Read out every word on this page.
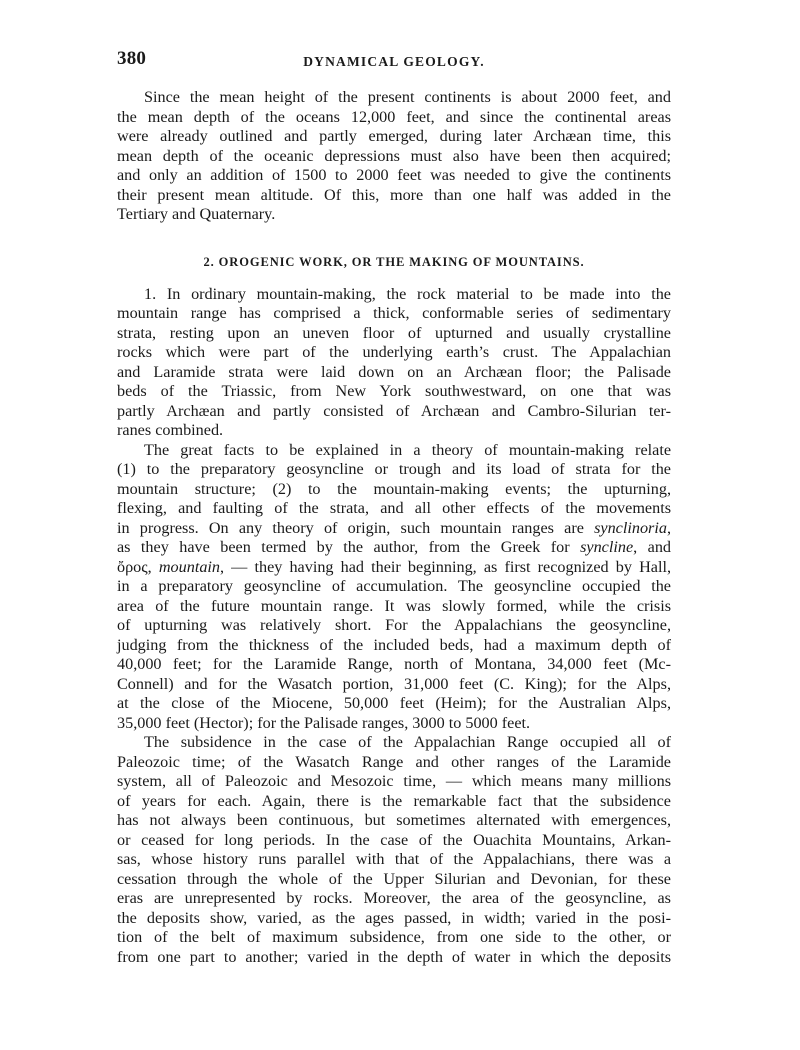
380	DYNAMICAL GEOLOGY.
Since the mean height of the present continents is about 2000 feet, and
the mean depth of the oceans 12,000 feet, and since the continental areas
were already outlined and partly emerged, during later Archæan time, this
mean depth of the oceanic depressions must also have been then acquired;
and only an addition of 1500 to 2000 feet was needed to give the continents
their present mean altitude. Of this, more than one half was added in the
Tertiary and Quaternary.
2. OROGENIC WORK, OR THE MAKING OF MOUNTAINS.
1. In ordinary mountain-making, the rock material to be made into the
mountain range has comprised a thick, conformable series of sedimentary
strata, resting upon an uneven floor of upturned and usually crystalline
rocks which were part of the underlying earth’s crust. The Appalachian
and Laramide strata were laid down on an Archæan floor; the Palisade
beds of the Triassic, from New York southwestward, on one that was
partly Archæan and partly consisted of Archæan and Cambro-Silurian ter-
ranes combined.
The great facts to be explained in a theory of mountain-making relate
(1) to the preparatory geosyncline or trough and its load of strata for the
mountain structure; (2) to the mountain-making events; the upturning,
flexing, and faulting of the strata, and all other effects of the movements
in progress. On any theory of origin, such mountain ranges are synclinoria,
as they have been termed by the author, from the Greek for syncline, and
ὄρος, mountain, — they having had their beginning, as first recognized by Hall,
in a preparatory geosyncline of accumulation. The geosyncline occupied the
area of the future mountain range. It was slowly formed, while the crisis
of upturning was relatively short. For the Appalachians the geosyncline,
judging from the thickness of the included beds, had a maximum depth of
40,000 feet; for the Laramide Range, north of Montana, 34,000 feet (Mc-
Connell) and for the Wasatch portion, 31,000 feet (C. King); for the Alps,
at the close of the Miocene, 50,000 feet (Heim); for the Australian Alps,
35,000 feet (Hector); for the Palisade ranges, 3000 to 5000 feet.
The subsidence in the case of the Appalachian Range occupied all of
Paleozoic time; of the Wasatch Range and other ranges of the Laramide
system, all of Paleozoic and Mesozoic time, — which means many millions
of years for each. Again, there is the remarkable fact that the subsidence
has not always been continuous, but sometimes alternated with emergences,
or ceased for long periods. In the case of the Ouachita Mountains, Arkan-
sas, whose history runs parallel with that of the Appalachians, there was a
cessation through the whole of the Upper Silurian and Devonian, for these
eras are unrepresented by rocks. Moreover, the area of the geosyncline, as
the deposits show, varied, as the ages passed, in width; varied in the posi-
tion of the belt of maximum subsidence, from one side to the other, or
from one part to another; varied in the depth of water in which the deposits
